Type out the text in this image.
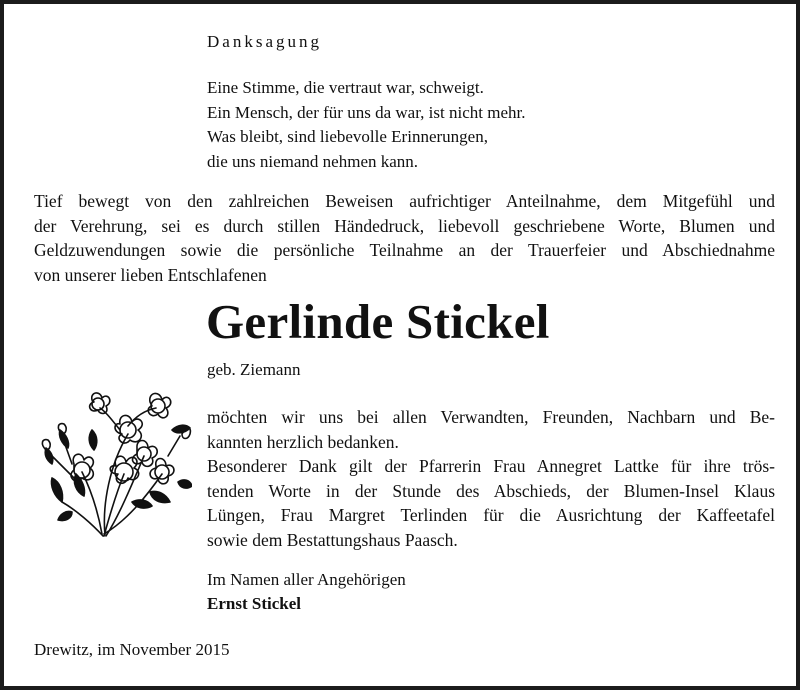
Danksagung
Eine Stimme, die vertraut war, schweigt.
Ein Mensch, der für uns da war, ist nicht mehr.
Was bleibt, sind liebevolle Erinnerungen,
die uns niemand nehmen kann.
Tief bewegt von den zahlreichen Beweisen aufrichtiger Anteilnahme, dem Mitgefühl und
der Verehrung, sei es durch stillen Händedruck, liebevoll geschriebene Worte, Blumen und
Geldzuwendungen sowie die persönliche Teilnahme an der Trauerfeier und Abschiednahme
von unserer lieben Entschlafenen
Gerlinde Stickel
geb. Ziemann
möchten wir uns bei allen Verwandten, Freunden, Nachbarn und Be-
kannten herzlich bedanken.
Besonderer Dank gilt der Pfarrerin Frau Annegret Lattke für ihre trös-
tenden Worte in der Stunde des Abschieds, der Blumen-Insel Klaus
Lüngen, Frau Margret Terlinden für die Ausrichtung der Kaffeetafel
sowie dem Bestattungshaus Paasch.
Im Namen aller Angehörigen
Ernst Stickel
Drewitz, im November 2015
